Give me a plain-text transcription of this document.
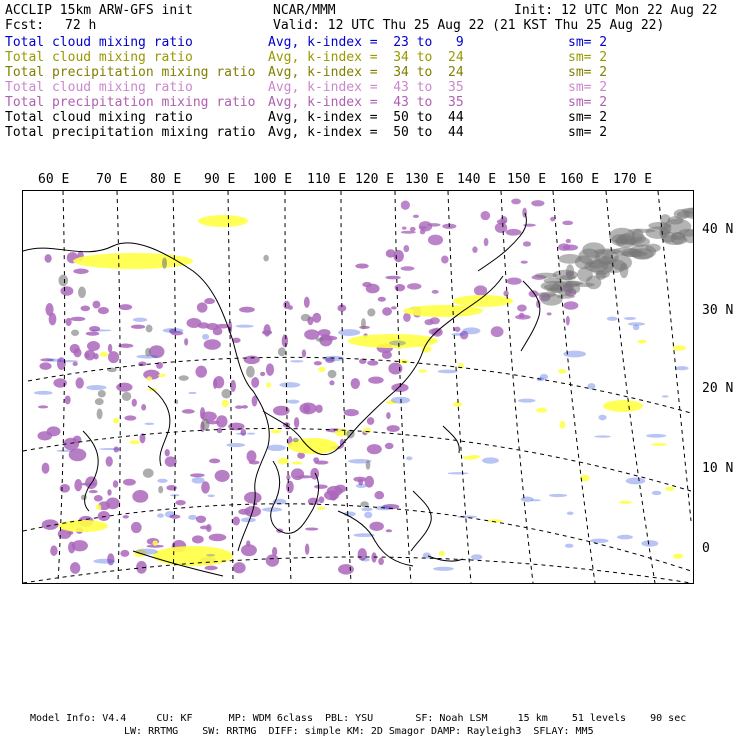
ACCLIP 15km ARW-GFS init	NCAR/MMM	Init: 12 UTC Mon 22 Aug 22
Fcst: 72 h	Valid: 12 UTC Thu 25 Aug 22 (21 KST Thu 25 Aug 22)
Total cloud mixing ratio	Avg, k-index =  23 to   9	sm= 2
Total cloud mixing ratio	Avg, k-index =  34 to  24	sm= 2
Total precipitation mixing ratio Avg, k-index =  34 to  24	sm= 2
Total cloud mixing ratio	Avg, k-index =  43 to  35	sm= 2
Total precipitation mixing ratio Avg, k-index =  43 to  35	sm= 2
Total cloud mixing ratio	Avg, k-index =  50 to  44	sm= 2
Total precipitation mixing ratio Avg, k-index =  50 to  44	sm= 2
60 E 70 E 80 E 90 E 100 E 110 E 120 E 130 E 140 E 150 E 160 E 170 E
40 N
30 N
20 N
10 N
0
Model Info: V4.4     CU: KF      MP: WDM 6class  PBL: YSU       SF: Noah LSM     15 km    51 levels    90 sec
LW: RRTMG    SW: RRTMG  DIFF: simple KM: 2D Smagor DAMP: Rayleigh3  SFLAY: MM5
